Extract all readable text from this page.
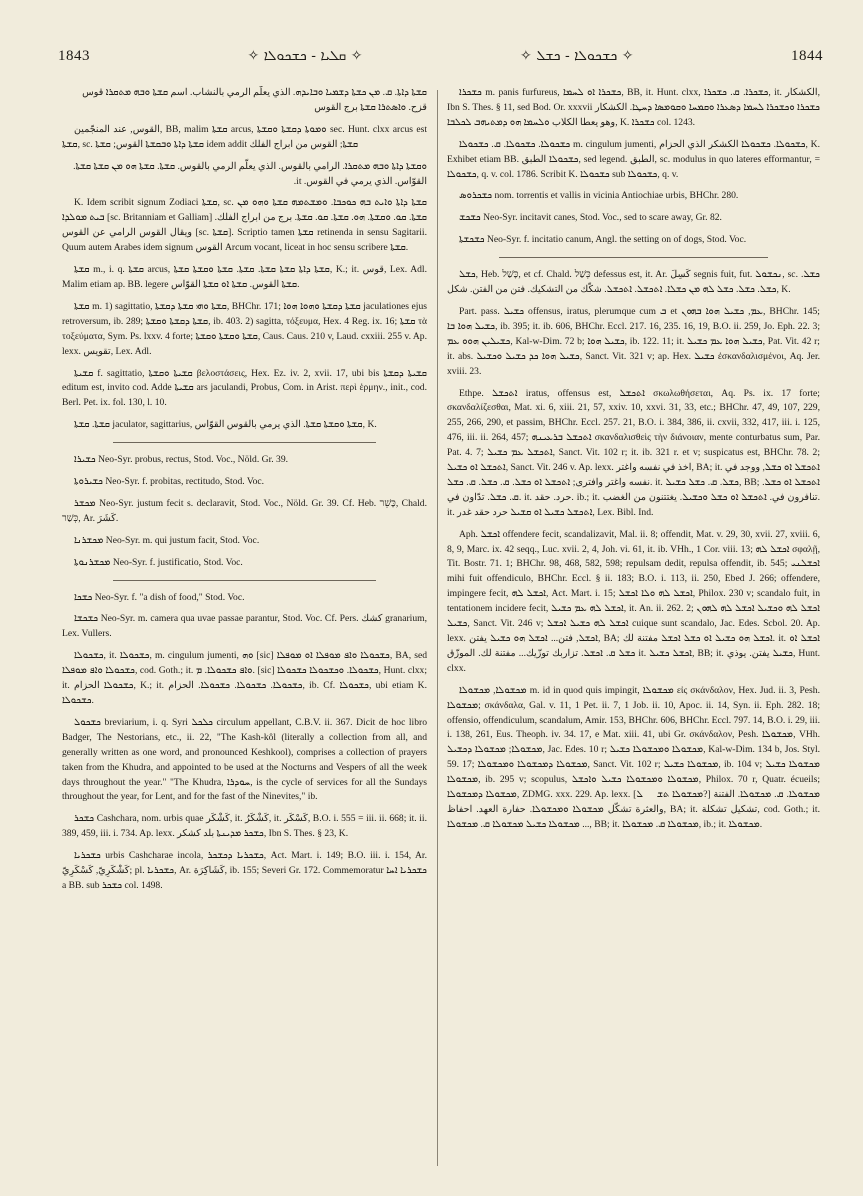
1843	✧ ܩܠܝܐ - ܟܫܟܘܠܐ ✧	✧ ܟܫܟܘܠܐ - ܟܫܠ ✧	1844

ܩܫܬܐ ܕܐܬܐ. ܩ. ܡܢ ܟܫܬܐ ܕܫܡܝܐ ܘܒܐܝܕܗ. الذي يعلّم الرمي بالنشاب. اسم ܩܫܬܐ ܘܒܗ ܡܬܩܪܐ قوس قزح. ܘܐܣܬܪܐ ܩܫܬܐ برج القوس

القوس, عند المنجّمين, BB, malim ܩܫܬܐ arcus, ܘܡܘܬܐ ܕܩܫܬܐ ܘܩܫܬܐ sec. Hunt. clxx arcus est ܩܫܬܐ, sc. ܩܫܬܐ ܕܐܬܐ ܘܒܩܫܬܐ القوس; ܩܫܬܐ idem addit ܩܫܬܐ; القوس من ابراج الفلك

ܘܩܫܬܐ ܕܐܬܐ ܘܒܗ ܡܬܩܪܐ. الرامي بالقوس. الذي يعلّم الرمي بالقوس. ܩܫܬܐ. ܩܫܬܐ ܗܘ ܡܢ ܩܫܬܐ ܩܫܬܐ. القوّاس. الذي يرمي في القوس. it.

K. Idem scribit signum Zodiaci ܩܫܬܐ, sc. ܩܫܬܐ ܕܐܬܐ ܘܐܝܬ ܒܗ ܟܘܟܒܐ. ܘܡܫܬܡܗ ܩܫܬܐ ܘܗܘ ܡܢ ܒܝܬ ܡܘܠܕܐ [sc. Britanniam et Galliam] ܩܫܬܐ. ܩܘ. ܘܩܫܬܐ. ܗܘ. ܩܫܬܐ. ܩܘ. ܩܫܬܐ. برج من ابراج الفلك. ويقال القوس الرامي عن القوس [sc. ܩܫܬܐ]. Scriptio tamen ܩܫܬܐ retinenda in sensu Sagitarii. Quum autem Arabes idem signum القوس Arcum vocant, liceat in hoc sensu scribere ܩܫܬܐ.

ܩܫܬܐ m., i. q. ܩܫܬܐ arcus, ܩܫܬܐ ܕܐܬܐ ܩܫܬܐ ܩܫܬܐ. ܩܫܬܐ. ܩܫܬܐ ܘܩܫܬܐ ܩܫܬܐ, K.; it. قوس, Lex. Adl. Malim etiam ap. BB. legere ܩܫܬܐ القوس. ܩܫܬܐ ܐܘ ܩܫܬܐ القوّاس.

ܩܫܬܐ m. 1) sagittatio, ܩܫܬܐ ܘܗܝ ܩܫܬܐ ܕܩܫܬܐ, BHChr. 171; ܩܫܬܐ ܕܩܫܬܐ ܘܗܘܐ ܗܘܐ jaculationes ejus retroversum, ib. 289; ܩܫܬܐ ܕܩܫܬܐ ܘܩܫܬܐ, ib. 403. 2) sagitta, τόξευμα, Hex. 4 Reg. ix. 16; ܩܫܬܐ τὰ τοξεύματα, Sym. Ps. lxxv. 4 forte; ܩܫܬܐ ܘܩܫܬܐ ܘܩܫܬܐ, Caus. Caus. 210 v, Laud. cxxiii. 255 v. Ap. lexx. تقويس, Lex. Adl.

ܩܫܝܬܐ f. sagittatio, ܩܫܝܬܐ ܘܩܫܬܐ βελοστάσεις, Hex. Ez. iv. 2, xvii. 17, ubi bis ܩܫܝܬܐ ܕܩܫܬܐ editum est, invito cod. Adde ܩܫܝܬܐ ars jaculandi, Probus, Com. in Arist. περὶ ἑρμην., init., cod. Berl. Pet. ix. fol. 130, l. 10.

ܩܫܬܐ. ܩܫܬܐ jaculator, sagittarius, ܩܫܬܐ ܘܩܫܬܐ ܩܫܬܐ. الذي يرمي بالقوس القوّاس, K.

ܟܫܝܪܐ Neo-Syr. probus, rectus, Stod. Voc., Nöld. Gr. 39.

ܟܫܝܪܘܬܐ Neo-Syr. f. probitas, rectitudo, Stod. Voc.

ܡܟܫܪ Neo-Syr. justum fecit s. declaravit, Stod. Voc., Nöld. Gr. 39. Cf. Heb. כָּשֵׁר, Chald. כְּשַׁר, Ar. كَشَرَ.

ܡܟܫܪܢܐ Neo-Syr. m. qui justum facit, Stod. Voc.

ܡܟܫܪܢܘܬܐ Neo-Syr. f. justificatio, Stod. Voc.

ܟܫܟܐ Neo-Syr. f. "a dish of food," Stod. Voc.

ܟܫܟܫܐ Neo-Syr. m. camera qua uvae passae parantur, Stod. Voc. Cf. Pers. كشك granarium, Lex. Vullers.

ܟܫܟܘܠܐ, it. ܟܫܟܘܠܐ, m. cingulum jumenti, ܘܗ [sic] ܟܫܟܘܠܐ ܘܐܦ ܡܘܦܠܐ ܐܘ ܡܘܦܠܐ, BA, sed ܟܫܟܘܠܐ ܘܐܦ ܡܘܦܠܐ, cod. Goth.; it. ܘܐܦ ܟܫܟܘܠܐ. ܡ. [sic] ܟܫܟܘܠܐ. ܘܟܫܟܘܠܐ ܟܫܟܘܠܐ, Hunt. clxx; it. ܟܫܟܘܠܐ الحزام, K.; it. ܟܫܟܘܠܐ. ܟܫܟܘܠܐ. ܟܫܟܘܠܐ. الحزام, ib. Cf. ܟܫܟܘܠܐ, ubi etiam K. ܟܫܟܘܠܐ.

ܟܫܟܘܠ breviarium, i. q. Syri ܟܠܟܠ circulum appellant, C.B.V. ii. 367. Dicit de hoc libro Badger, The Nestorians, etc., ii. 22, "The Kash-kôl (literally a collection from all, and generally written as one word, and pronounced Keshkool), comprises a collection of prayers taken from the Khudra, and appointed to be used at the Nocturns and Vespers of all the week days throughout the year." "The Khudra, ܚܘܕܪܐ, is the cycle of services for all the Sundays throughout the year, for Lent, and for the fast of the Ninevites," ib.

ܟܫܟܪ Cashchara, nom. urbis quae كَشْكَر, it. كَشْكَرُ, it. كَسْكَر, B.O. i. 555 = iii. ii. 668; it. ii. 389, 459, iii. i. 734. Ap. lexx. ܟܫܟܪ ܡܕܝܢܬܐ بلد كشكر, Ibn S. Thes. § 23, K.

ܟܫܟܪܝܐ urbis Cashcharae incola, ܟܫܟܪܝܐ ܕܟܫܟܪ, Act. Mart. i. 149; B.O. iii. i. 154, Ar. كَشْكَرِيّ, كَسْكَرِيّ; pl. ܟܫܟܪܝܐ, Ar. كَشَاكِرَة, ib. 155; Severi Gr. 172. Commemoratur ܟܫܟܪܝܐ ܐܚܐ a BB. sub ܟܫܟܪ col. 1498.

ܟܫܟܪܐ m. panis furfureus, ܟܫܟܪܐ ܐܘ ܠܚܡܐ, BB, it. Hunt. clxx, ܟܫܟܪܐ. ܩ. ܟܫܟܪܐ, it. الكشكار, Ibn S. Thes. § 11, sed Bod. Or. xxxvii ܟܫܟܪܐ ܘܟܫܟܪܐ ܠܚܡܐ ܕܣܥܪܐ ܘܩܡܚܐ ܘܩܘܡܣܐ ܕܚܛܐ. الكشكار وهو يعطا الكلاب ܘܠܚܡܐ ܗܘ ܕܡܬܝܗܒ ܠܟܠܒܐ, K. ܟܫܟܪܐ col. 1243.

ܟܫܟܘܠܐ. ܟܫܟܘܠܐ. ܩ. ܟܫܟܘܠܐ m. cingulum jumenti, ܟܫܟܘܠܐ. ܟܫܟܘܠܐ الكشكر الذي الحزام, K. Exhibet etiam BB. ܟܫܟܘܠܐ الطبق, sed legend. الطبق, sc. modulus in quo lateres efformantur, = ܟܫܟܘܠܐ, q. v. col. 1786. Scribit K. ܟܫܟܘܠܐ sub ܟܫܟܘܠܐ, q. v.

ܟܫܟܪܘܣ nom. torrentis et vallis in vicinia Antiochiae urbis, BHChr. 280.

ܟܫܟܫ Neo-Syr. incitavit canes, Stod. Voc., sed to scare away, Gr. 82.

ܟܫܟܫܬܐ Neo-Syr. f. incitatio canum, Angl. the setting on of dogs, Stod. Voc.

ܟܫܠ, Heb. כָּשַׁל, et cf. Chald. כְּשַׁל defessus est, it. Ar. كَسِلَ segnis fuit, fut. ܢܟܫܘܠ, sc. ܟܫܠ. ܟܫܠ. ܟܫܠ. ܟܫܠ ܠܗ ܡܢ ܟܫܠܐ. ܐܬܟܫܠ. ܐܬܟܫܠ. شكّك من التشكيك. فتن من الفتن. شكل, K.

Part. pass. ܟܫܝܠ offensus, iratus, plerumque cum ܒ et ܥܡ, ܟܫܝܠ ܗܘܐ ܒܗܘܢ, BHChr. 145; ܟܫܝܠ ܗܘܐ ܒܐ, ib. 395; it. ib. 606, BHChr. Eccl. 217. 16, 235. 16, 19, B.O. ii. 259, Jo. Eph. 22. 3; ܟܫܝܠܝܢ ܗܘܘ ܥܡ, Kal-w-Dim. 72 b; ܟܫܝܠ ܗܘܐ, ib. 122. 11; it. ܟܫܝܠ ܗܘܐ ܥܡ ܟܫܝܠ, Pat. Vit. 42 r; it. abs. ܟܫܝܠ ܗܘܐ ܟܕ ܟܫܝܠ ܘܟܫܝܠ, Sanct. Vit. 321 v; ap. Hex. ܟܫܝܠ ἐσκανδαλισμένοι, Aq. Jer. xviii. 23.

Ethpe. ܐܬܟܫܠ iratus, offensus est, ܐܬܟܫܠ σκωλωθήσεται, Aq. Ps. ix. 17 forte; σκανδαλίζεσθαι, Mat. xi. 6, xiii. 21, 57, xxiv. 10, xxvi. 31, 33, etc.; BHChr. 47, 49, 107, 229, 255, 266, 290, et passim, BHChr. Eccl. 257. 21, B.O. i. 384, 386, ii. cxvii, 332, 417, iii. i. 125, 476, iii. ii. 264, 457; ܐܬܟܫܠ ܒܪܥܝܢܗ σκανδαλισθεὶς τὴν διάνοιαν, mente conturbatus sum, Par. Pat. 4. 7; ܐܬܟܫܠ ܥܡ ܟܫܝܠ, Sanct. Vit. 102 r; it. ib. 321 r. et v; suspicatus est, BHChr. 78. 2; ܐܬܟܫܠ ܐܘ ܟܫܝܠ, Sanct. Vit. 246 v. Ap. lexx. اخذ في نفسه واغتر, BA; it. ܐܬܟܫܠ ܐܘ ܟܫܠ, ووجد في نفسه واغتر وافترى; ܐܬܟܫܠ ܐܘ ܟܫܠ. ܩ. ܟܫܠ. ܩ. ܟܫܠ. it. ܟܫܠ. ܩ. ܟܫܠ ܟܫܝܠ, BB; ܐܬܟܫܠ ܐܘ ܟܫܠ. ܩ. ܟܫܠ. تدّاون في. it. حرد. حقد. ib.; it. تنافرون في. ܐܬܟܫܠ ܐܘ ܟܫܠ ܘܟܫܝܠ. يغتتنون من الغضب. it. ܐܬܟܫܠ ܟܫܝܠ ܐܘ ܩܫܝܠ حرد حقد غدر, Lex. Bibl. Ind.

Aph. ܐܟܫܠ offendere fecit, scandalizavit, Mal. ii. 8; offendit, Mat. v. 29, 30, xvii. 27, xviii. 6, 8, 9, Marc. ix. 42 seqq., Luc. xvii. 2, 4, Joh. vi. 61, it. ib. VHh., 1 Cor. viii. 13; ܐܟܫܠ ܠܗ σφαλῇ, Tit. Bostr. 71. 1; BHChr. 98, 468, 582, 598; repulsam dedit, repulsa offendit, ib. 545; ܐܟܫܠܢܝ mihi fuit offendiculo, BHChr. Eccl. § ii. 183; B.O. i. 113, ii. 250, Ebed J. 266; offendere, impingere fecit, ܐܟܫܠ ܠܗ, Act. Mart. i. 15; ܐܟܫܠ ܠܗ ܘܠܐ ܐܟܫܠ, Philox. 230 v; scandalo fuit, in tentationem incidere fecit, ܐܟܫܠ ܠܗ ܥܡ ܟܫܝܠ, it. An. ii. 262. 2; ܐܟܫܠ ܠܗ ܘܟܫܝܠ ܐܟܫܠ ܠܗ ܠܗܘܢ ܟܫܝܠ, Sanct. Vit. 246 v; ܐܟܫܠ ܠܗ ܟܫܝܠ ܐܟܫܠ cuique sunt scandalo, Jac. Edes. Scbol. 20. Ap. lexx. ܐܟܫܠ, فتن... ܐܟܫܠ ܗܘ ܟܫܝܠ يفتن, BA; ܐܟܫܠ ܗܘ ܟܫܝܠ ܐܘ ܟܫܠ ܐܟܫܠ مفتنة لك. it. ܐܟܫܠ ܐܘ ܟܫܠ ܩ. ܐܟܫܠ. تزاربك توزّيك... مفتنة لك. الموزّق it. ܐܟܫܠ ܟܫܝܠ, BB; it. ܟܫܝܠ يفتن. يوذي, Hunt. clxx.

ܡܟܫܘܠܐ, ܡܟܫܘܠܐ m. id in quod quis impingit, ܡܟܫܘܠܐ εἰς σκάνδαλον, Hex. Jud. ii. 3, Pesh. ܡܟܫܘܠܐ; σκάνδαλα, Gal. v. 11, 1 Pet. ii. 7, 1 Job. ii. 10, Apoc. ii. 14, Syn. ii. Eph. 282. 18; offensio, offendiculum, scandalum, Amir. 153, BHChr. 606, BHChr. Eccl. 797. 14, B.O. i. 29, iii. i. 138, 261, Eus. Theoph. iv. 34. 17, e Mat. xiii. 41, ubi Gr. σκάνδαλον, Pesh. ܡܟܫܘܠܐ, VHh. ܡܟܫܘܠܐ; ܡܟܫܘܠܐ ܕܟܫܝܠ, Jac. Edes. 10 r; ܡܟܫܘܠܐ ܘܡܟܫܘܠܐ ܟܫܝܠ, Kal-w-Dim. 134 b, Jos. Styl. 59. 17; ܡܟܫܘܠܐ ܕܡܟܫܘܠܐ ܘܡܟܫܘܠܐ, Sanct. Vit. 102 r; ܡܟܫܘܠܐ ܟܫܝܠ, ib. 104 v; ܡܟܫܘܠܐ ܟܫܝܠ ܡܟܫܘܠܐ, ib. 295 v; scopulus, ܡܟܫܘܠܐ ܘܡܟܫܘܠܐ ܟܫܝܠ ܘܐܟܫܠ, Philox. 70 r, Quatr. écueils; ܡܟܫܘܠܐ ܕܡܟܫܘܠܐ, ZDMG. xxx. 229. Ap. lexx. [ܡܟܫܘܠܐ ܬܫܟّܠ?] ܡܟܫܘܠܐ. ܩ. ܡܟܫܘܠܐ. الفتنة والعثرة تشكّل ܡܟܫܘܠܐ ܘܡܟܫܘܠܐ. حفارة العهد. احفاظ, BA; it. تشكيل تشكلة, cod. Goth.; it. ܡܟܫܘܠܐ ܟܫܝܠ ܡܟܫܘܠܐ ܩ. ܡܟܫܘܠܐ ..., BB; it. ܡܟܫܘܠܐ ܩ. ܡܟܫܘܠܐ, ib.; it. ܡܟܫܘܠܐ.
